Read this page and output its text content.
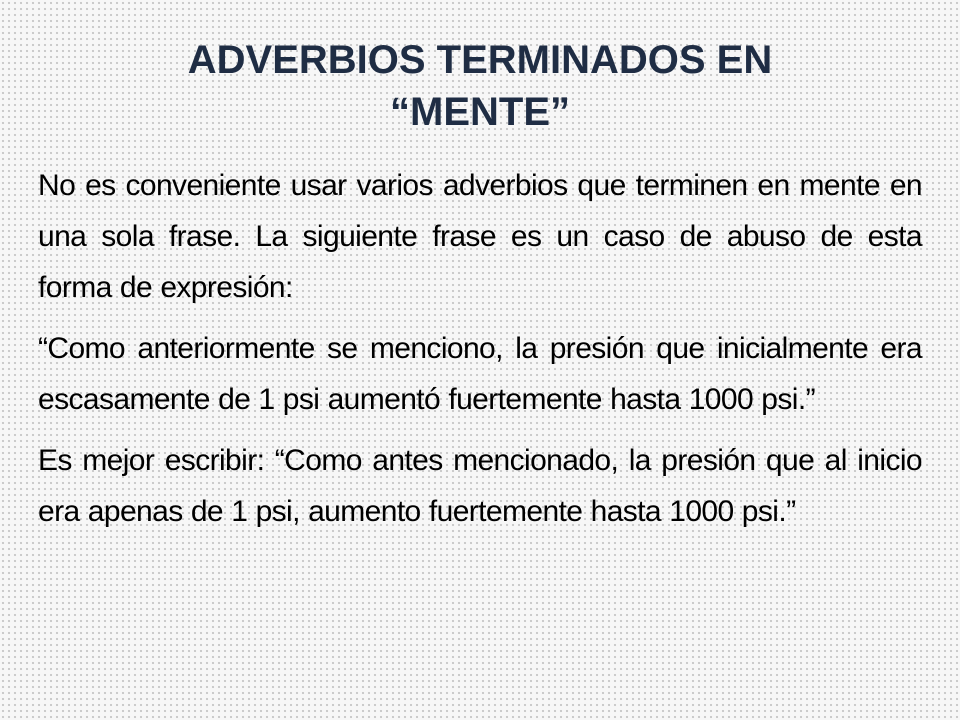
ADVERBIOS TERMINADOS EN
“MENTE”

No es conveniente usar varios adverbios que terminen en mente en una sola frase. La siguiente frase es un caso de abuso de esta forma de expresión:

“Como anteriormente se menciono, la presión que inicialmente era escasamente de 1 psi aumentó fuertemente hasta 1000 psi.”

Es mejor escribir: “Como antes mencionado, la presión que al inicio era apenas de 1 psi, aumento fuertemente hasta 1000 psi.”
